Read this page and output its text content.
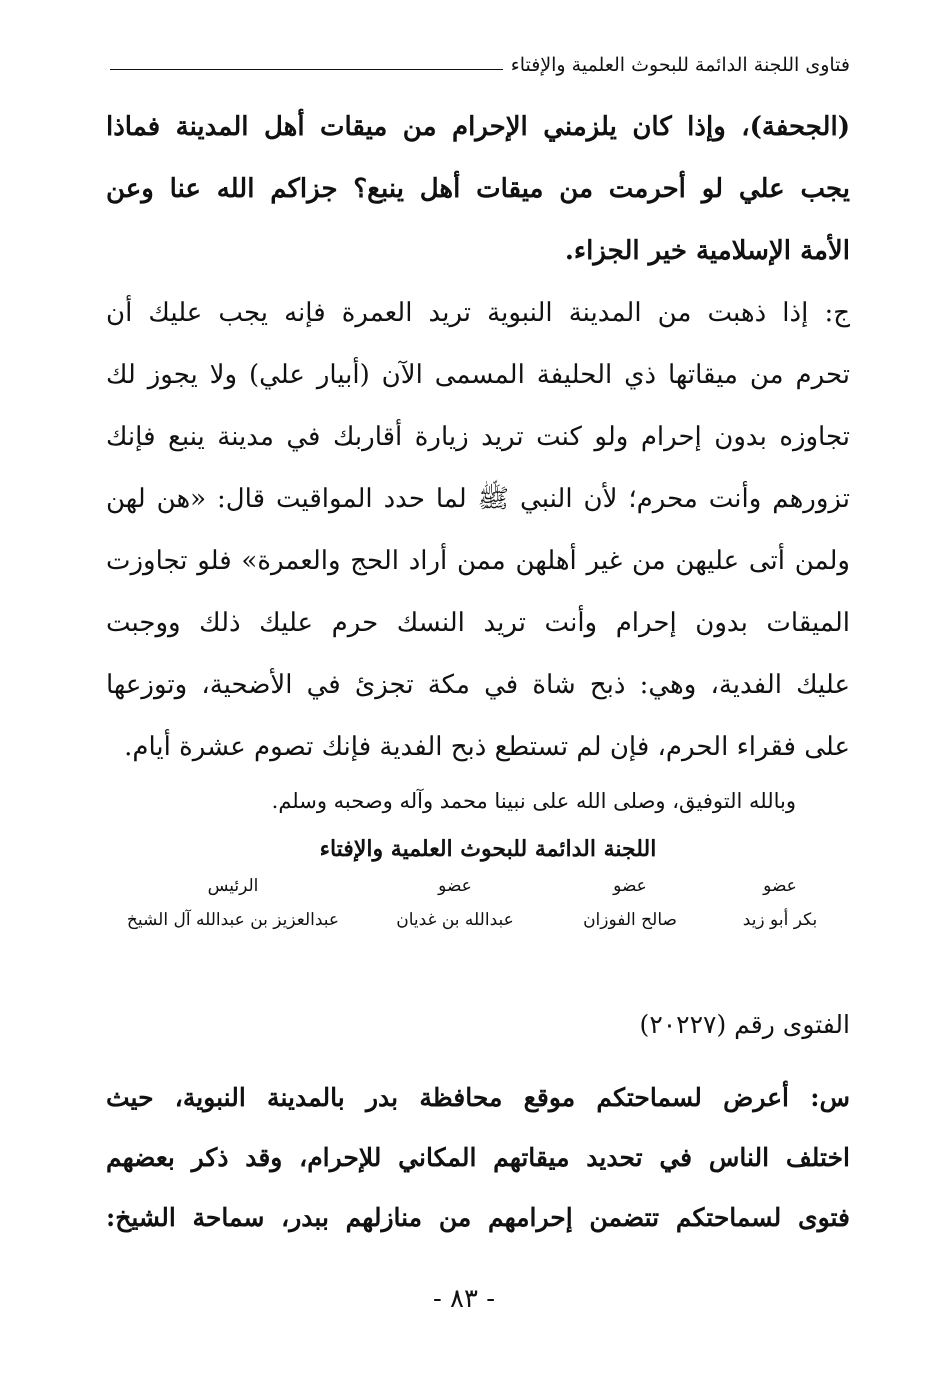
فتاوى اللجنة الدائمة للبحوث العلمية والإفتاء
(الجحفة)، وإذا كان يلزمني الإحرام من ميقات أهل المدينة فماذا
يجب علي لو أحرمت من ميقات أهل ينبع؟ جزاكم الله عنا وعن
الأمة الإسلامية خير الجزاء.
ج: إذا ذهبت من المدينة النبوية تريد العمرة فإنه يجب عليك أن
تحرم من ميقاتها ذي الحليفة المسمى الآن (أبيار علي) ولا يجوز لك
تجاوزه بدون إحرام ولو كنت تريد زيارة أقاربك في مدينة ينبع فإنك
تزورهم وأنت محرم؛ لأن النبي ﷺ لما حدد المواقيت قال: «هن لهن
ولمن أتى عليهن من غير أهلهن ممن أراد الحج والعمرة» فلو تجاوزت
الميقات بدون إحرام وأنت تريد النسك حرم عليك ذلك ووجبت
عليك الفدية، وهي: ذبح شاة في مكة تجزئ في الأضحية، وتوزعها
على فقراء الحرم، فإن لم تستطع ذبح الفدية فإنك تصوم عشرة أيام.
وبالله التوفيق، وصلى الله على نبينا محمد وآله وصحبه وسلم.
اللجنة الدائمة للبحوث العلمية والإفتاء
عضو
عضو
عضو
الرئيس
بكر أبو زيد
صالح الفوزان
عبدالله بن غديان
عبدالعزيز بن عبدالله آل الشيخ
الفتوى رقم (٢٠٢٢٧)
س: أعرض لسماحتكم موقع محافظة بدر بالمدينة النبوية، حيث
اختلف الناس في تحديد ميقاتهم المكاني للإحرام، وقد ذكر بعضهم
فتوى لسماحتكم تتضمن إحرامهم من منازلهم ببدر، سماحة الشيخ:
- ٨٣ -
